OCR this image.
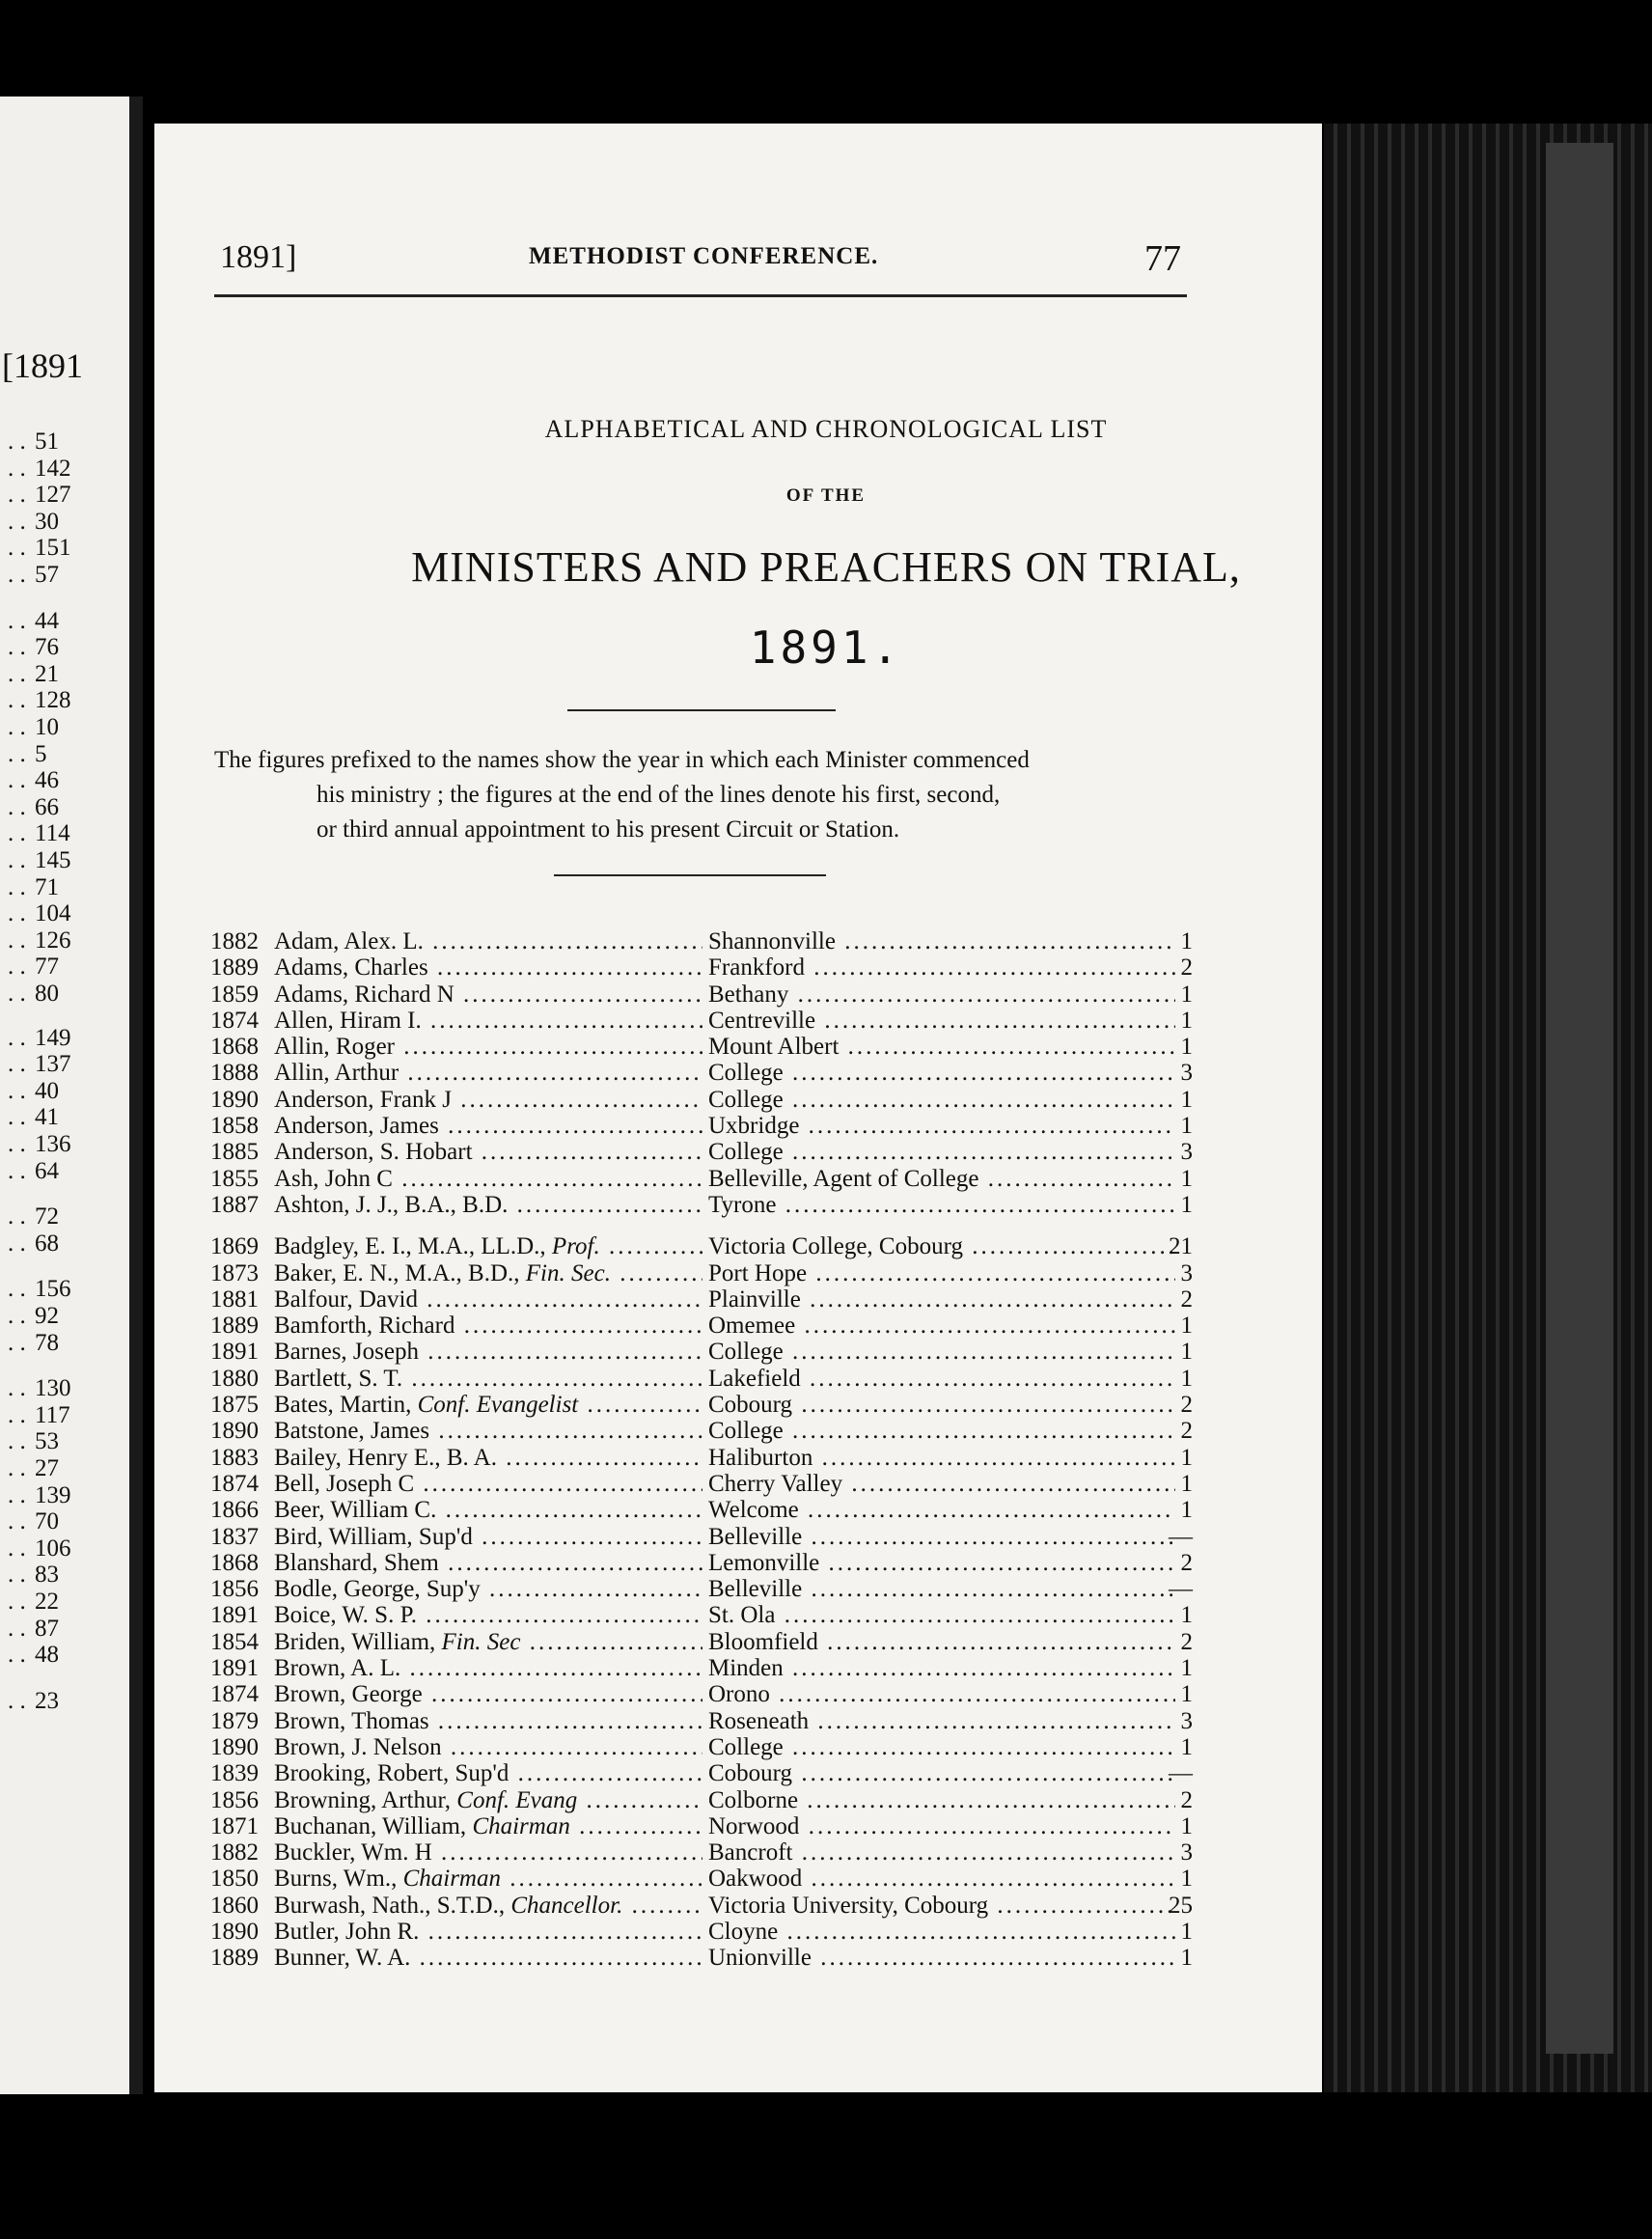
[1891
. . 51
. . 142
. . 127
. . 30
. . 151
. . 57
. . 44
. . 76
. . 21
. . 128
. . 10
. . 5
. . 46
. . 66
. . 114
. . 145
. . 71
. . 104
. . 126
. . 77
. . 80
. . 149
. . 137
. . 40
. . 41
. . 136
. . 64
. . 72
. . 68
. . 156
. . 92
. . 78
. . 130
. . 117
. . 53
. . 27
. . 139
. . 70
. . 106
. . 83
. . 22
. . 87
. . 48
. . 23
1891]	METHODIST CONFERENCE.	77
ALPHABETICAL AND CHRONOLOGICAL LIST
OF THE
MINISTERS AND PREACHERS ON TRIAL,
1891.
The figures prefixed to the names show the year in which each Minister commenced
his ministry ; the figures at the end of the lines denote his first, second,
or third annual appointment to his present Circuit or Station.
1882 Adam, Alex. L. .....	Shannonville .....	1
1889 Adams, Charles .....	Frankford .....	2
1859 Adams, Richard N .....	Bethany .....	1
1874 Allen, Hiram I. .....	Centreville .....	1
1868 Allin, Roger .....	Mount Albert .....	1
1888 Allin, Arthur .....	College .....	3
1890 Anderson, Frank J .....	College .....	1
1858 Anderson, James .....	Uxbridge .....	1
1885 Anderson, S. Hobart .....	College .....	3
1855 Ash, John C .....	Belleville, Agent of College .....	1
1887 Ashton, J. J., B.A., B.D. .....	Tyrone .....	1
1869 Badgley, E. I., M.A., LL.D., Prof. .....	Victoria College, Cobourg .....	21
1873 Baker, E. N., M.A., B.D., Fin. Sec. .....	Port Hope .....	3
1881 Balfour, David .....	Plainville .....	2
1889 Bamforth, Richard .....	Omemee .....	1
1891 Barnes, Joseph .....	College .....	1
1880 Bartlett, S. T. .....	Lakefield .....	1
1875 Bates, Martin, Conf. Evangelist .....	Cobourg .....	2
1890 Batstone, James .....	College .....	2
1883 Bailey, Henry E., B. A. .....	Haliburton .....	1
1874 Bell, Joseph C .....	Cherry Valley .....	1
1866 Beer, William C. .....	Welcome .....	1
1837 Bird, William, Sup'd .....	Belleville .....	—
1868 Blanshard, Shem .....	Lemonville .....	2
1856 Bodle, George, Sup'y .....	Belleville .....	—
1891 Boice, W. S. P. .....	St. Ola .....	1
1854 Briden, William, Fin. Sec .....	Bloomfield .....	2
1891 Brown, A. L. .....	Minden .....	1
1874 Brown, George .....	Orono .....	1
1879 Brown, Thomas .....	Roseneath .....	3
1890 Brown, J. Nelson .....	College .....	1
1839 Brooking, Robert, Sup'd .....	Cobourg .....	—
1856 Browning, Arthur, Conf. Evang .....	Colborne .....	2
1871 Buchanan, William, Chairman .....	Norwood .....	1
1882 Buckler, Wm. H .....	Bancroft .....	3
1850 Burns, Wm., Chairman .....	Oakwood .....	1
1860 Burwash, Nath., S.T.D., Chancellor. .....	Victoria University, Cobourg .....	25
1890 Butler, John R. .....	Cloyne .....	1
1889 Bunner, W. A. .....	Unionville .....	1
